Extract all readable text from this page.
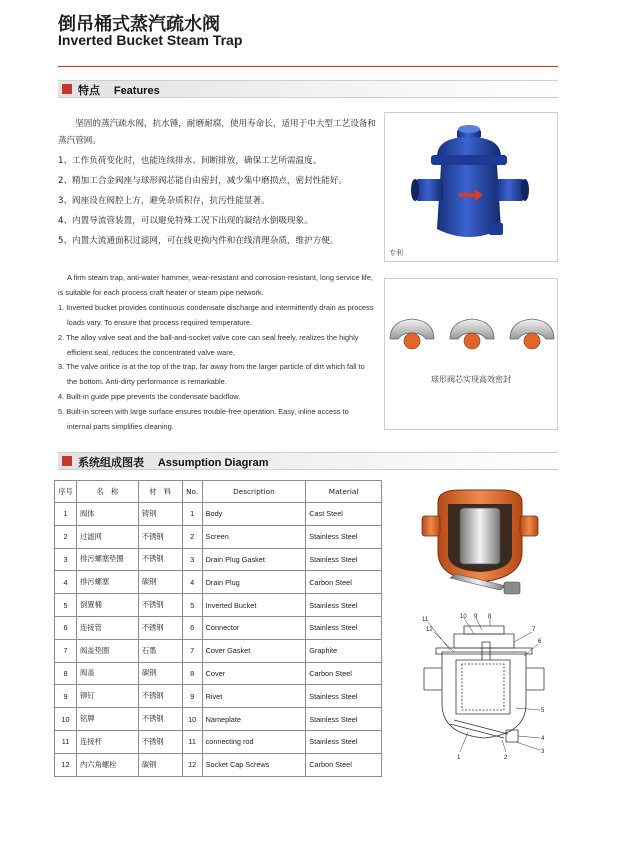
倒吊桶式蒸汽疏水阀
Inverted Bucket Steam Trap
特点 Features

坚固的蒸汽疏水阀，抗水锤，耐磨耐腐，使用寿命长，适用于中大型工艺设备和蒸汽管网。

1、工作负荷变化时，也能连续排水、间断排放，确保工艺所需温度。

2、精加工合金阀座与球形阀芯能自由密封，减少集中磨损点，密封性能好。

3、阀座设在阀腔上方，避免杂质积存，抗污性能显著。

4、内置导流管装置，可以避免特殊工况下出现的凝结水倒吸现象。

5、内置大流通面积过滤网，可在线更换内件和在线清理杂质，维护方便。

专利

A firm steam trap, anti-water hammer, wear-resistant and corrosion-resistant, long service life, is suitable for each process craft heater or steam pipe network.

1. Inverted bucket provides continuous condensate discharge and intermittently drain as process loads vary. To ensure that process required temperature.

2. The alloy valve seat and the ball-and-socket valve core can seal freely, realizes the highly efficient seal, reduces the concentrated valve ware.

3. The valve orifice is at the top of the trap, far away from the larger particle of dirt which fall to the bottom. Anti-dirty performance is remarkable.

4. Built-in guide pipe prevents the condensate backflow.

5. Built-in screen with large surface ensures trouble-free operation. Easy, inline access to internal parts simplifies cleaning.

球形阀芯实现高效密封
系统组成图表 Assumption Diagram
序号	名　称	材　料	No.	Description	Material
1	阀体	铸钢	1	Body	Cast Steel
2	过滤网	不锈钢	2	Screen	Stainless Steel
3	排污螺塞垫圈	不锈钢	3	Drain Plug Gasket	Stainless Steel
4	排污螺塞	碳钢	4	Drain Plug	Carbon Steel
5	倒置桶	不锈钢	5	Inverted Bucket	Stainless Steel
6	连接管	不锈钢	6	Connector	Stainless Steel
7	阀盖垫圈	石墨	7	Cover Gasket	Graphite
8	阀盖	碳钢	8	Cover	Carbon Steel
9	铆钉	不锈钢	9	Rivet	Stainless Steel
10	铭牌	不锈钢	10	Nameplate	Stainless Steel
11	连接杆	不锈钢	11	connecting rod	Stainless Steel
12	内六角螺栓	碳钢	12	Socket Cap Screws	Carbon Steel
11
12
10 9 8
7
6
5
4
3
2
1
